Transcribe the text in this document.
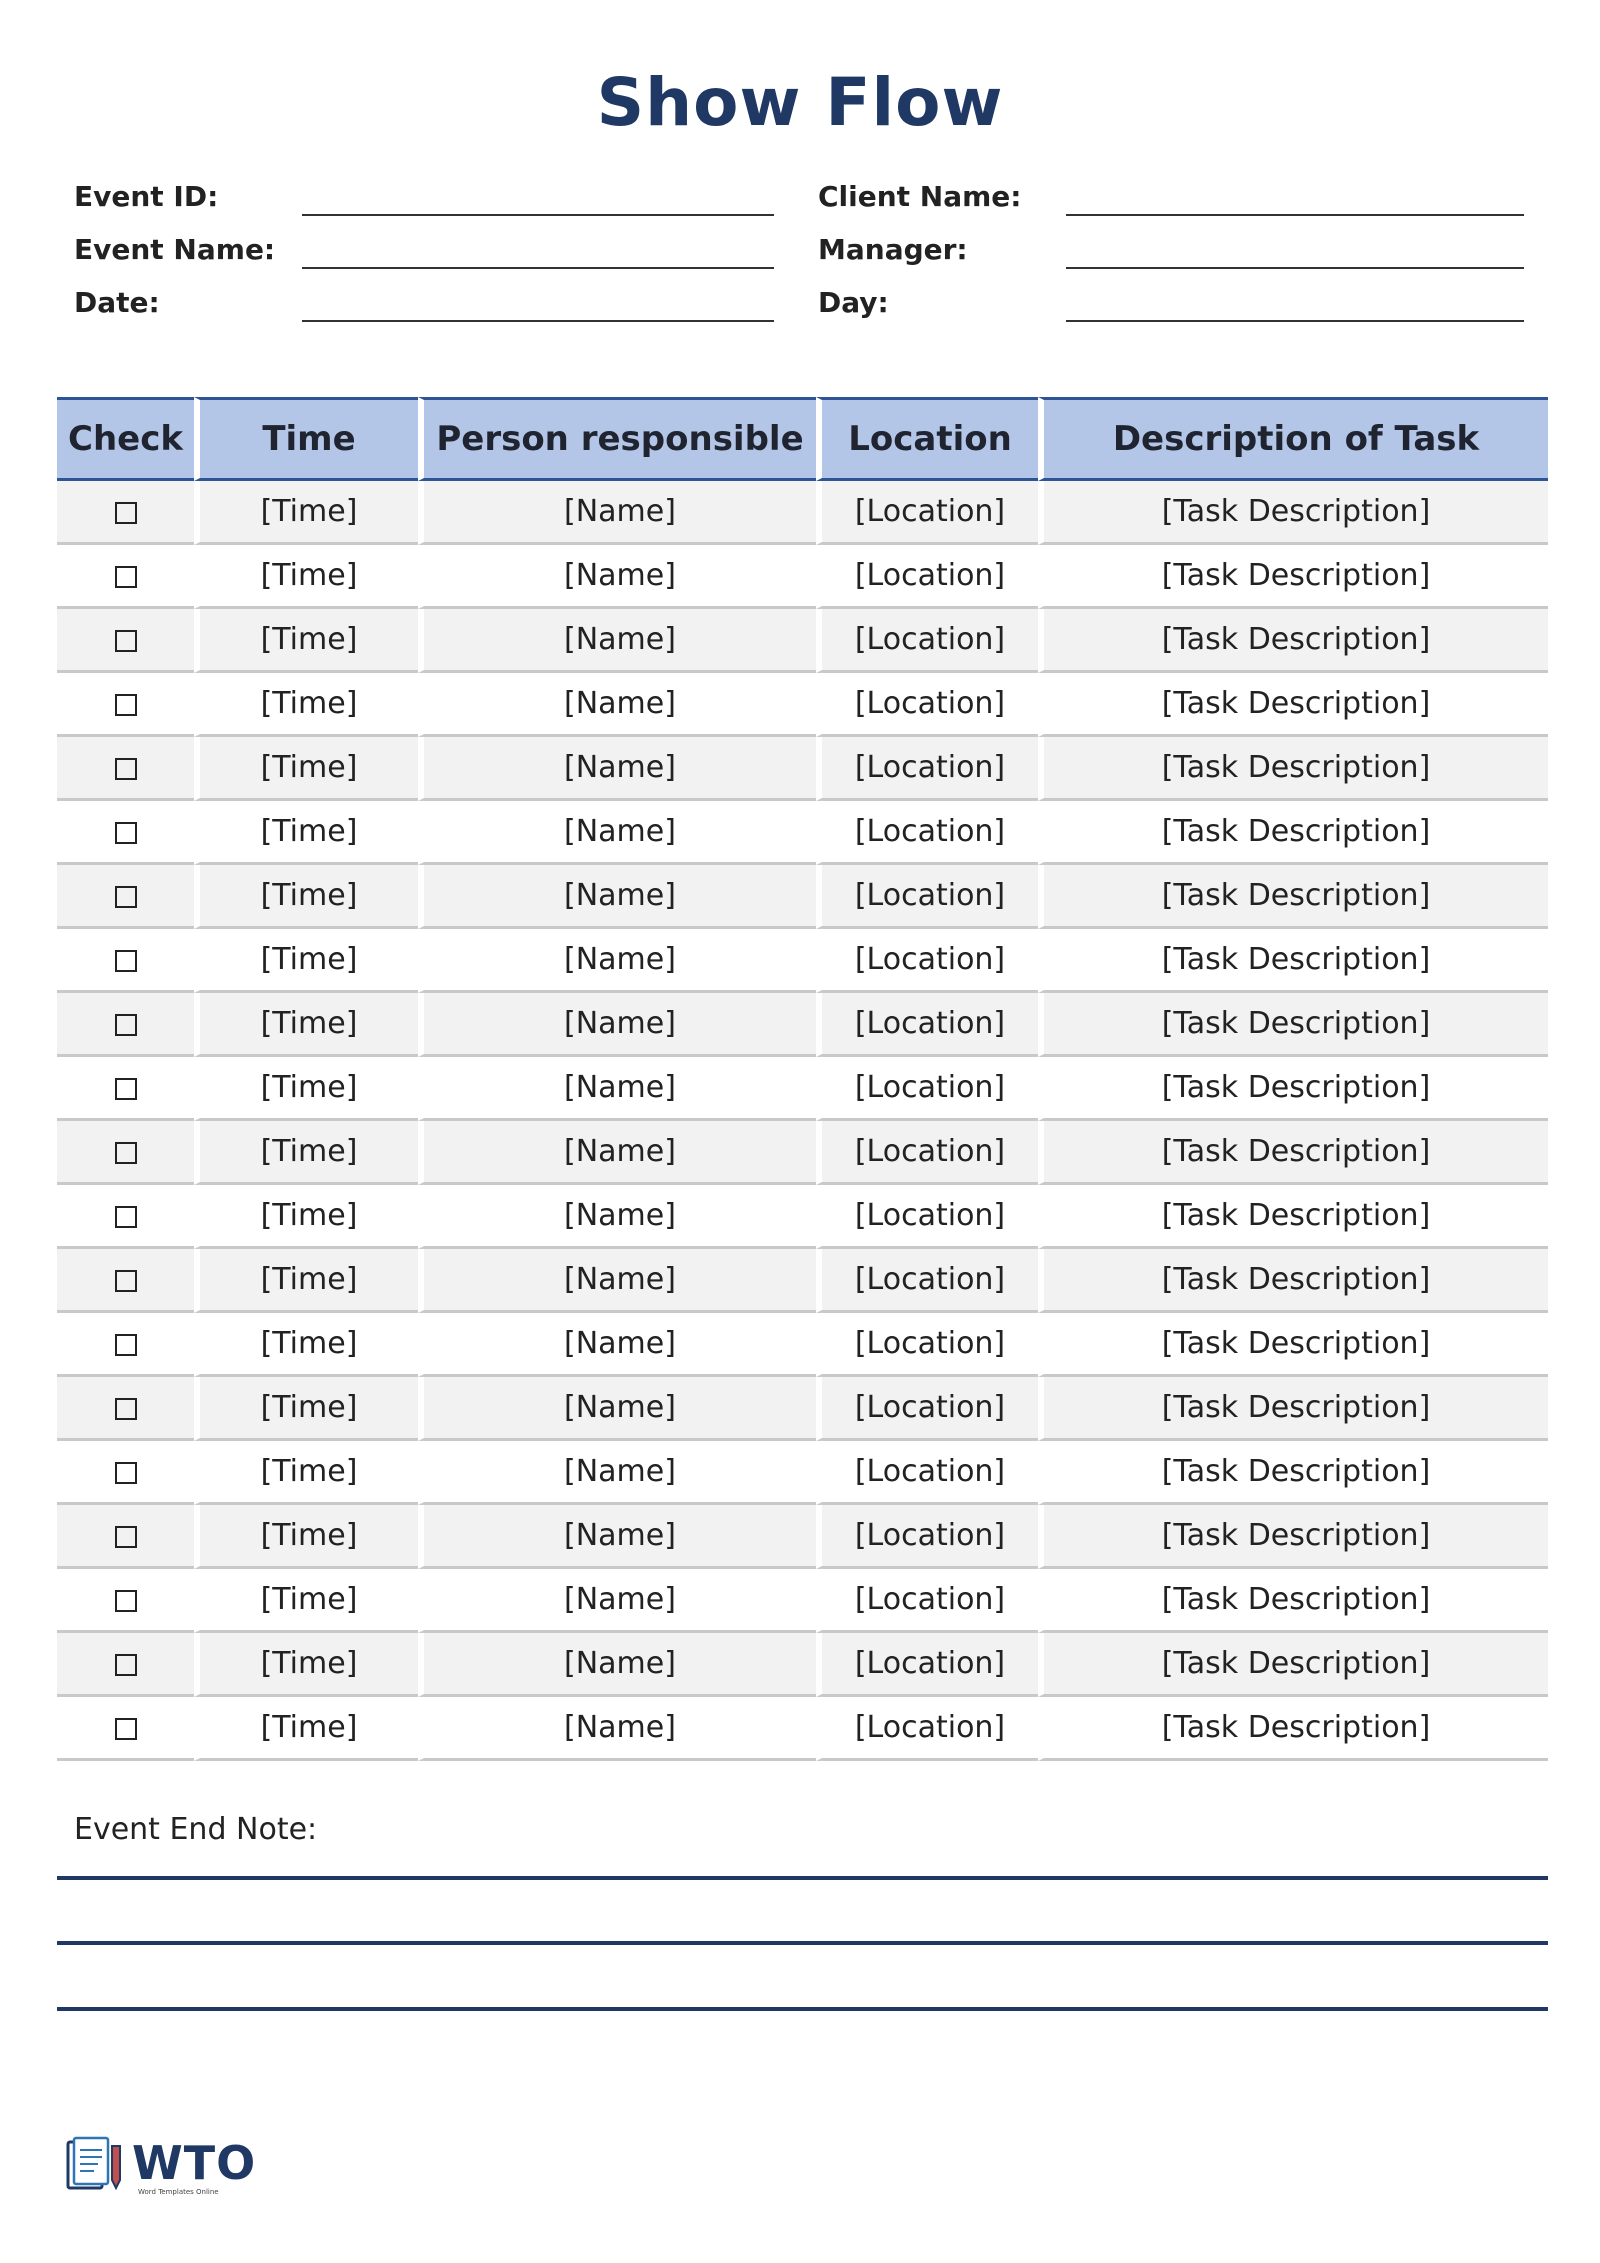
Show Flow
Event ID:
Event Name:
Date:
Client Name:
Manager:
Day:
Check	Time	Person responsible	Location	Description of Task
	[Time]	[Name]	[Location]	[Task Description]
	[Time]	[Name]	[Location]	[Task Description]
	[Time]	[Name]	[Location]	[Task Description]
	[Time]	[Name]	[Location]	[Task Description]
	[Time]	[Name]	[Location]	[Task Description]
	[Time]	[Name]	[Location]	[Task Description]
	[Time]	[Name]	[Location]	[Task Description]
	[Time]	[Name]	[Location]	[Task Description]
	[Time]	[Name]	[Location]	[Task Description]
	[Time]	[Name]	[Location]	[Task Description]
	[Time]	[Name]	[Location]	[Task Description]
	[Time]	[Name]	[Location]	[Task Description]
	[Time]	[Name]	[Location]	[Task Description]
	[Time]	[Name]	[Location]	[Task Description]
	[Time]	[Name]	[Location]	[Task Description]
	[Time]	[Name]	[Location]	[Task Description]
	[Time]	[Name]	[Location]	[Task Description]
	[Time]	[Name]	[Location]	[Task Description]
	[Time]	[Name]	[Location]	[Task Description]
	[Time]	[Name]	[Location]	[Task Description]
Event End Note:
WTO
Word Templates Online
